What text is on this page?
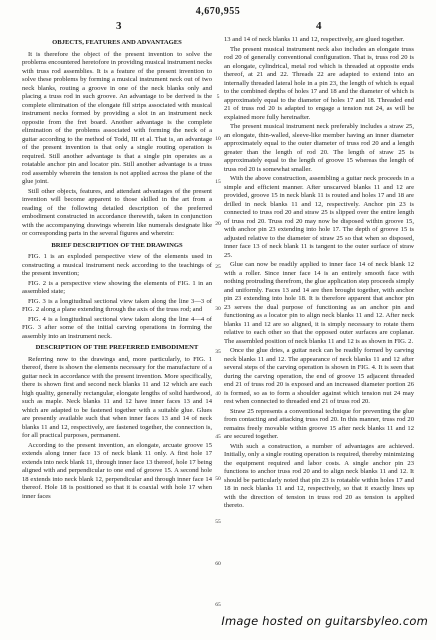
4,670,955
3	4
OBJECTS, FEATURES AND ADVANTAGES

It is therefore the object of the present invention to solve the problems encountered heretofore in providing musical instrument necks with truss rod assemblies. It is a feature of the present invention to solve these problems by forming a musical instrument neck out of two neck blanks, routing a groove in one of the neck blanks only and placing a truss rod in such groove. An advantage to be derived is the complete elimination of the elongate fill strips associated with musical instrument necks formed by providing a slot in an instrument neck opposite from the fret board. Another advantage is the complete elimination of the problems associated with forming the neck of a guitar according to the method of Todd, III et al. That is, an advantage of the present invention is that only a single routing operation is required. Still another advantage is that a single pin operates as a rotatable anchor pin and locator pin. Still another advantage is a truss rod assembly wherein the tension is not applied across the plane of the glue joint.

Still other objects, features, and attendant advantages of the present invention will become apparent to those skilled in the art from a reading of the following detailed description of the preferred embodiment constructed in accordance therewith, taken in conjunction with the accompanying drawings wherein like numerals designate like or corresponding parts in the several figures and wherein:

BRIEF DESCRIPTION OF THE DRAWINGS

FIG. 1 is an exploded perspective view of the elements used in constructing a musical instrument neck according to the teachings of the present invention;

FIG. 2 is a perspective view showing the elements of FIG. 1 in an assembled state;

FIG. 3 is a longitudinal sectional view taken along the line 3—3 of FIG. 2 along a plane extending through the axis of the truss rod; and

FIG. 4 is a longitudinal sectional view taken along the line 4—4 of FIG. 3 after some of the initial carving operations in forming the assembly into an instrument neck.

DESCRIPTION OF THE PREFERRED EMBODIMENT

Referring now to the drawings and, more particularly, to FIG. 1 thereof, there is shown the elements necessary for the manufacture of a guitar neck in accordance with the present invention. More specifically, there is shown first and second neck blanks 11 and 12 which are each high quality, generally rectangular, elongate lengths of solid hardwood, such as maple. Neck blanks 11 and 12 have inner faces 13 and 14 which are adapted to be fastened together with a suitable glue. Glues are presently available such that when inner faces 13 and 14 of neck blanks 11 and 12, respectively, are fastened together, the connection is, for all practical purposes, permanent.

According to the present invention, an elongate, arcuate groove 15 extends along inner face 13 of neck blank 11 only. A first hole 17 extends into neck blank 11, through inner face 13 thereof, hole 17 being aligned with and perpendicular to one end of groove 15. A second hole 18 extends into neck blank 12, perpendicular and through inner face 14 thereof. Hole 18 is positioned so that it is coaxial with hole 17 when inner faces

5
10
15
20
25
30
35
40
45
50
55
60
65

13 and 14 of neck blanks 11 and 12, respectively, are glued together.

The present musical instrument neck also includes an elongate truss rod 20 of generally conventional configuration. That is, truss rod 20 is an elongate, cylindrical, metal rod which is threaded at opposite ends thereof, at 21 and 22. Threads 22 are adapted to extend into an internally threaded lateral hole in a pin 23, the length of which is equal to the combined depths of holes 17 and 18 and the diameter of which is approximately equal to the diameter of holes 17 and 18. Threaded end 21 of truss rod 20 is adapted to engage a tension nut 24, as will be explained more fully hereinafter.

The present musical instrument neck preferably includes a straw 25, an elongate, thin-walled, sleeve-like member having an inner diameter approximately equal to the outer diameter of truss rod 20 and a length greater than the length of rod 20. The length of straw 25 is approximately equal to the length of groove 15 whereas the length of truss rod 20 is somewhat smaller.

With the above construction, assembling a guitar neck proceeds in a simple and efficient manner. After unscarved blanks 11 and 12 are provided, groove 15 in neck blank 11 is routed and holes 17 and 18 are drilled in neck blanks 11 and 12, respectively. Anchor pin 23 is connected to truss rod 20 and straw 25 is slipped over the entire length of truss rod 20. Truss rod 20 may now be disposed within groove 15, with anchor pin 23 extending into hole 17. The depth of groove 15 is adjusted relative to the diameter of straw 25 so that when so disposed, inner face 13 of neck blank 11 is tangent to the outer surface of straw 25.

Glue can now be readily applied to inner face 14 of neck blank 12 with a roller. Since inner face 14 is an entirely smooth face with nothing protruding therefrom, the glue application step proceeds simply and uniformly. Faces 13 and 14 are then brought together, with anchor pin 23 extending into hole 18. It is therefore apparent that anchor pin 23 serves the dual purpose of functioning as an anchor pin and functioning as a locator pin to align neck blanks 11 and 12. After neck blanks 11 and 12 are so aligned, it is simply necessary to rotate them relative to each other so that the opposed outer surfaces are coplanar. The assembled position of neck blanks 11 and 12 is as shown in FIG. 2.

Once the glue dries, a guitar neck can be readily formed by carving neck blanks 11 and 12. The appearance of neck blanks 11 and 12 after several steps of the carving operation is shown in FIG. 4. It is seen that during the carving operation, the end of groove 15 adjacent threaded end 21 of truss rod 20 is exposed and an increased diameter portion 26 is formed, so as to form a shoulder against which tension nut 24 may rest when connected to threaded end 21 of truss rod 20.

Straw 25 represents a conventional technique for preventing the glue from contacting and attacking truss rod 20. In this manner, truss rod 20 remains freely movable within groove 15 after neck blanks 11 and 12 are secured together.

With such a construction, a number of advantages are achieved. Initially, only a single routing operation is required, thereby minimizing the equipment required and labor costs. A single anchor pin 23 functions to anchor truss rod 20 and to align neck blanks 11 and 12. It should be particularly noted that pin 23 is rotatable within holes 17 and 18 in neck blanks 11 and 12, respectively, so that it exactly lines up with the direction of tension in truss rod 20 as tension is applied thereto.

Image hosted on guitarsbyleo.com
